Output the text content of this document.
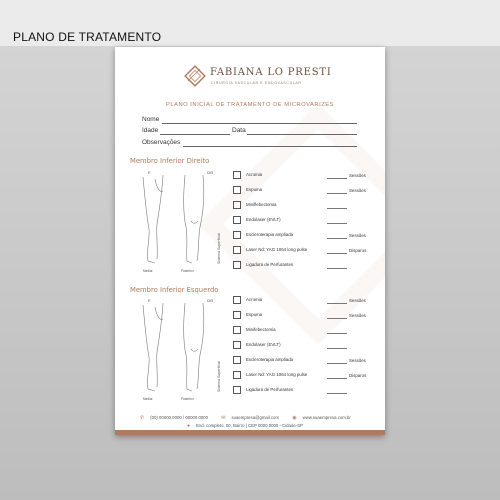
PLANO DE TRATAMENTO
FABIANA LO PRESTI
CIRURGIA VASCULAR E ENDOVASCULAR
PLANO INICIAL DE TRATAMENTO DE MICROVARIZES
Nome
Idade	Data
Observações
Membro Inferior Direito
E	DIR
Medial	Posterior
Sistema Superficial
Acromia	Sessões
Espuma	Sessões
Miniflebectomia
Endolaser (EVLT)
Escleroterapia ampliada	Sessões
Laser Nd: YAG 1064 long pulse	Disparos
Ligadura de Perfurantes
Membro Inferior Esquerdo
E	DIR
Medial	Posterior
Sistema Superficial
Acromia	Sessões
Espuma	Sessões
Minifebectomia
Endolaser (EVLT)
Escleroterapia ampliada	Sessões
Laser Nd: YAG 1064 long pulse	Disparos
Ligadura de Perfurantes
✆ (00) 00000.0000 / 00000.0000	✉ suaempresa@gmail.com	◉ www.suaempresa.com.br
● End. completo, 00, Bairro | CEP 0000.0000 - Cidade-SP
